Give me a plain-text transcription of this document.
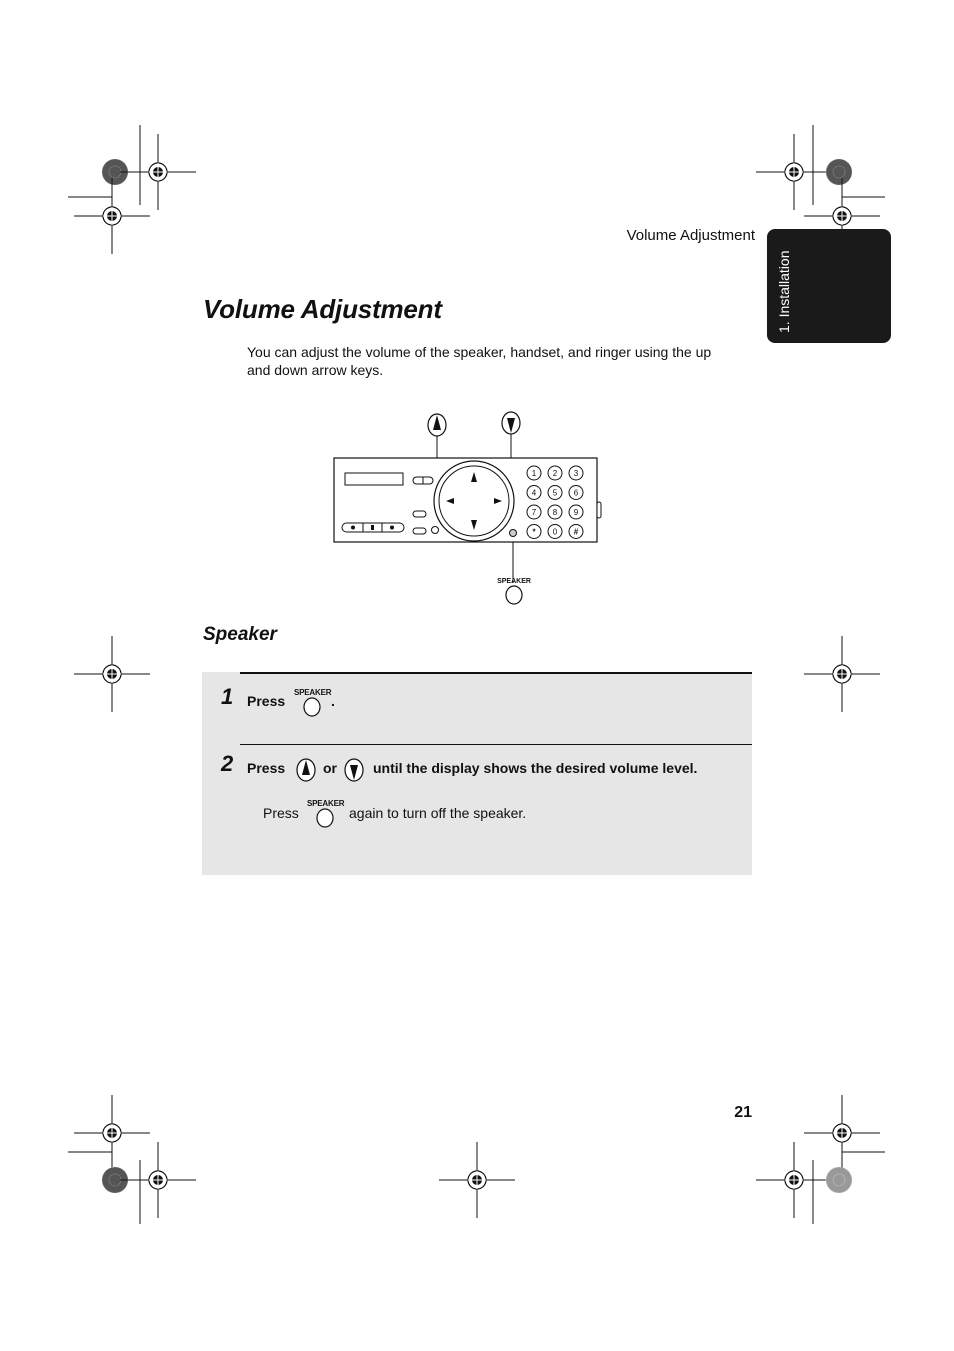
Volume Adjustment
1. Installation
Volume Adjustment
You can adjust the volume of the speaker, handset, and ringer using the up and down arrow keys.
SPEAKER
1 2 3
4 5 6
7 8 9
* 0 #
Speaker
1 Press
SPEAKER
.
2 Press	or	until the display shows the desired volume level.
Press
SPEAKER
again to turn off the speaker.
21
